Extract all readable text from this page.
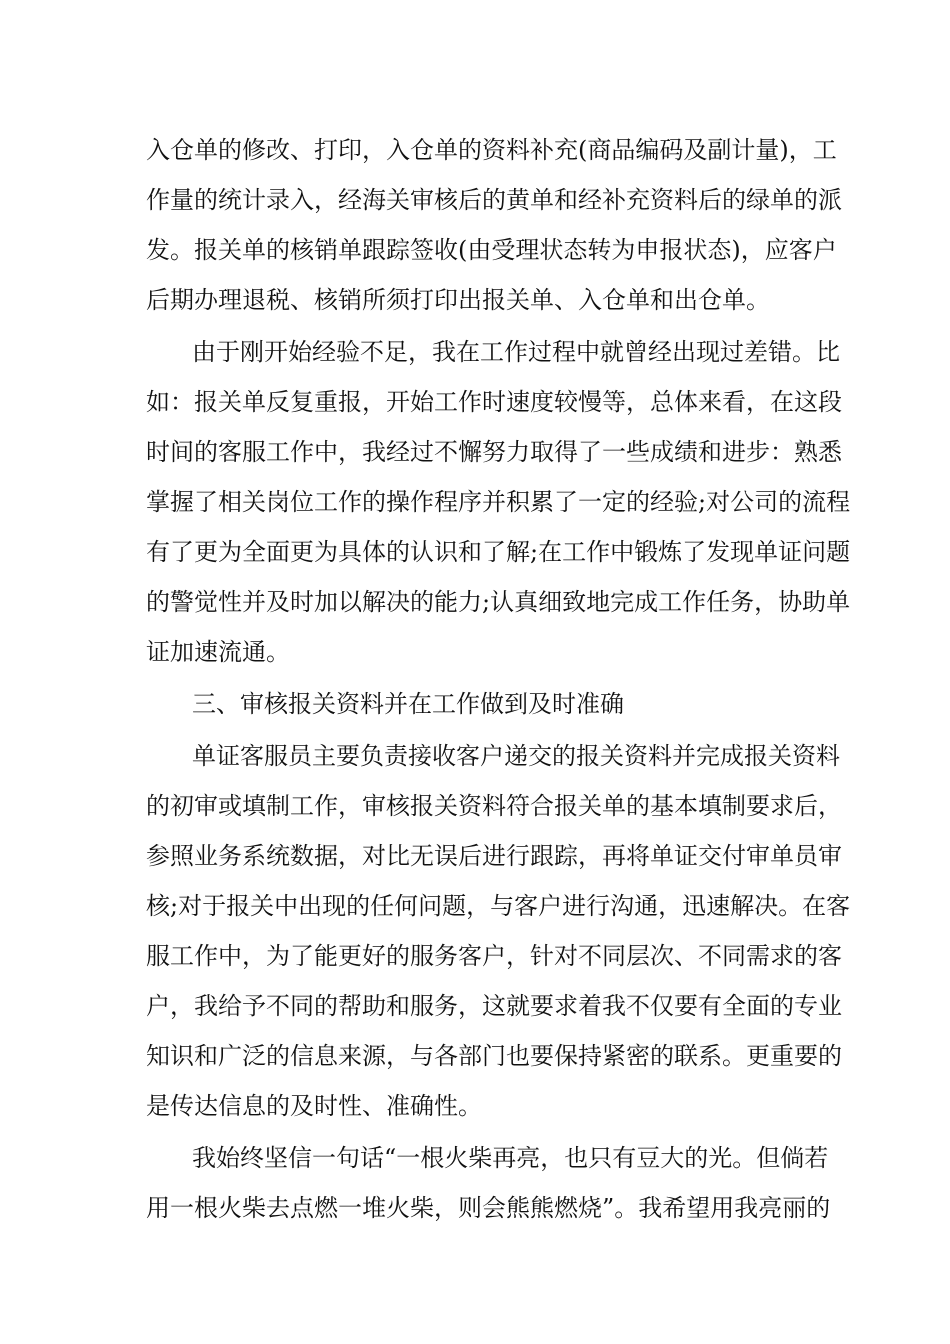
入仓单的修改、打印，入仓单的资料补充(商品编码及副计量)，工
作量的统计录入，经海关审核后的黄单和经补充资料后的绿单的派
发。报关单的核销单跟踪签收(由受理状态转为申报状态)，应客户
后期办理退税、核销所须打印出报关单、入仓单和出仓单。
由于刚开始经验不足，我在工作过程中就曾经出现过差错。比
如：报关单反复重报，开始工作时速度较慢等，总体来看，在这段
时间的客服工作中，我经过不懈努力取得了一些成绩和进步：熟悉
掌握了相关岗位工作的操作程序并积累了一定的经验;对公司的流程
有了更为全面更为具体的认识和了解;在工作中锻炼了发现单证问题
的警觉性并及时加以解决的能力;认真细致地完成工作任务，协助单
证加速流通。
三、审核报关资料并在工作做到及时准确
单证客服员主要负责接收客户递交的报关资料并完成报关资料
的初审或填制工作，审核报关资料符合报关单的基本填制要求后，
参照业务系统数据，对比无误后进行跟踪，再将单证交付审单员审
核;对于报关中出现的任何问题，与客户进行沟通，迅速解决。在客
服工作中，为了能更好的服务客户，针对不同层次、不同需求的客
户，我给予不同的帮助和服务，这就要求着我不仅要有全面的专业
知识和广泛的信息来源，与各部门也要保持紧密的联系。更重要的
是传达信息的及时性、准确性。
我始终坚信一句话“一根火柴再亮，也只有豆大的光。但倘若
用一根火柴去点燃一堆火柴，则会熊熊燃烧”。我希望用我亮丽的
